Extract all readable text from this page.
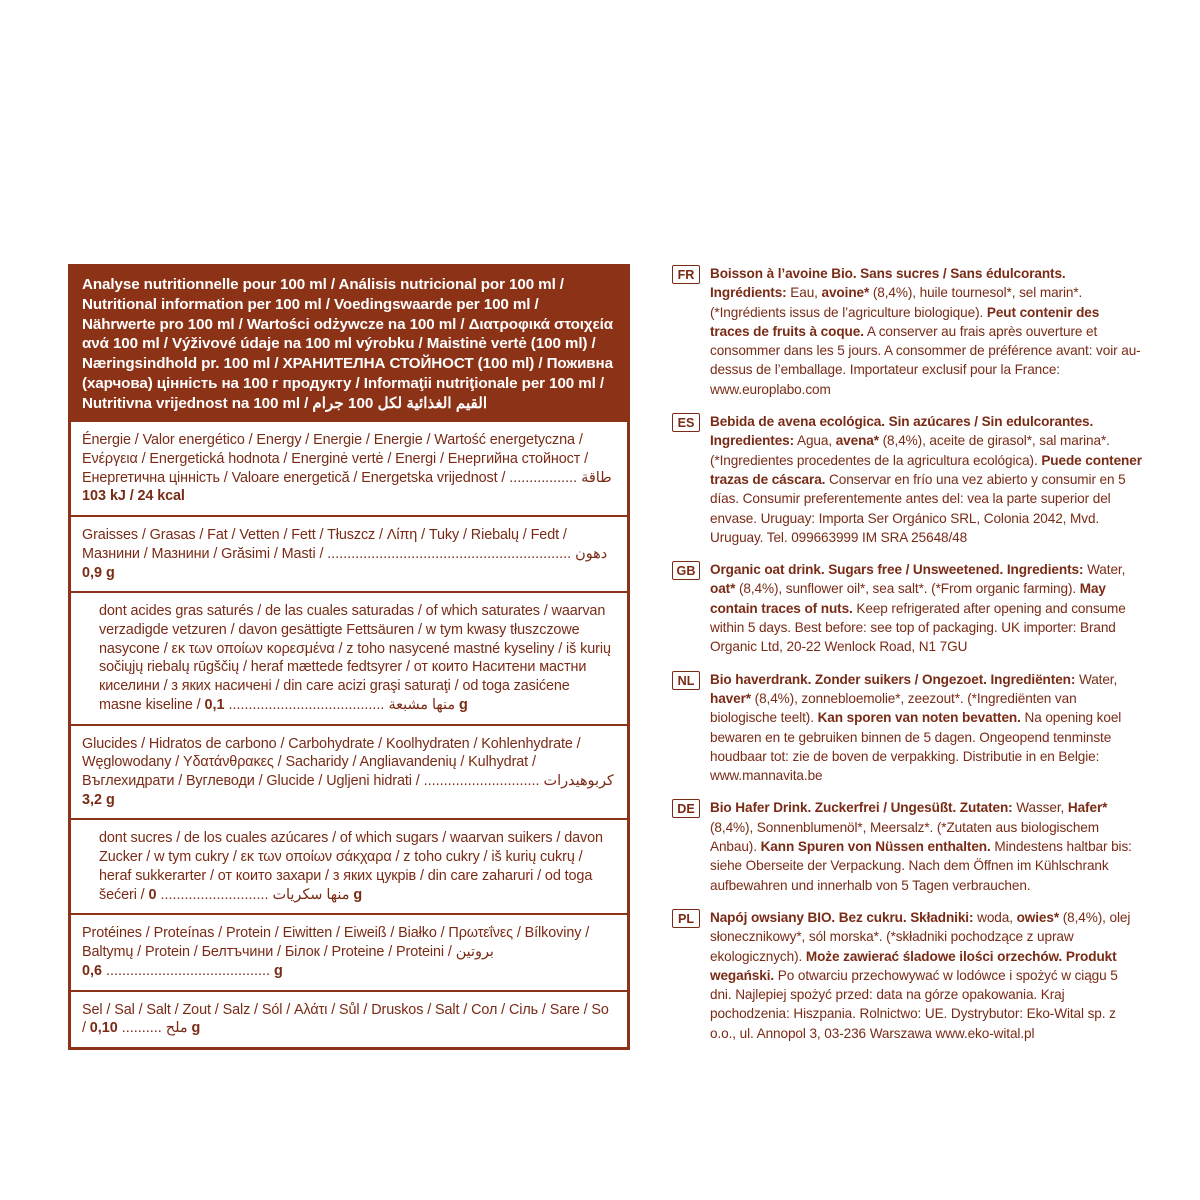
Analyse nutritionnelle pour 100 ml / Análisis nutricional por 100 ml / Nutritional information per 100 ml / Voedingswaarde per 100 ml / Nährwerte pro 100 ml / Wartości odżywcze na 100 ml / Διατροφικά στοιχεία ανά 100 ml / Výživové údaje na 100 ml výrobku / Maistinė vertė (100 ml) / Næringsindhold pr. 100 ml / ХРАНИТЕЛНА СТОЙНОСТ (100 ml) / Поживна (харчова) цінність на 100 г продукту / Informaţii nutriţionale per 100 ml / Nutritivna vrijednost na 100 ml / القيم الغذائية لكل 100 جرام
Énergie / Valor energético / Energy / Energie / Energie / Wartość energetyczna / Ενέργεια / Energetická hodnota / Energinė vertė / Energi / Енергийна стойност / Енергетична цінність / Valoare energetică / Energetska vrijednost / طاقة ................. 103 kJ / 24 kcal
Graisses / Grasas / Fat / Vetten / Fett / Tłuszcz / Λίπη / Tuky / Riebalų / Fedt / Мазнини / Мазнини / Grăsimi / Masti / دهون ............................................................. 0,9 g
dont acides gras saturés / de las cuales saturadas / of which saturates / waarvan verzadigde vetzuren / davon gesättigte Fettsäuren / w tym kwasy tłuszczowe nasycone / εκ των οποίων κορεσμένα / z toho nasycené mastné kyseliny / iš kurių sočiųjų riebalų rūgščių / heraf mættede fedtsyrer / от които Наситени мастни киселини / з яких насичені / din care acizi graşi saturaţi / od toga zasićene masne kiseline / منها مشبعة ....................................... 0,1 g
Glucides / Hidratos de carbono / Carbohydrate / Koolhydraten / Kohlenhydrate / Węglowodany / Υδατάνθρακες / Sacharidy / Angliavandenių / Kulhydrat / Въглехидрати / Вуглеводи / Glucide / Ugljeni hidrati / كربوهيدرات ............................. 3,2 g
dont sucres / de los cuales azúcares / of which sugars / waarvan suikers / davon Zucker / w tym cukry / εκ των οποίων σάκχαρα / z toho cukry / iš kurių cukrų / heraf sukkerarter / от които захари / з яких цукрів / din care zaharuri / od toga šećeri / منها سكريات ........................... 0 g
Protéines / Proteínas / Protein / Eiwitten / Eiweiß / Białko / Πρωτεΐνες / Bílkoviny / Baltymų / Protein / Белтъчини / Білок / Proteine / Proteini / بروتين ......................................... 0,6 g
Sel / Sal / Salt / Zout / Salz / Sól / Αλάτι / Sůl / Druskos / Salt / Сол / Сіль / Sare / So / ملح .......... 0,10 g
FR	Boisson à l’avoine Bio. Sans sucres / Sans édulcorants. Ingrédients: Eau, avoine* (8,4%), huile tournesol*, sel marin*. (*Ingrédients issus de l’agriculture biologique). Peut contenir des traces de fruits à coque. A conserver au frais après ouverture et consommer dans les 5 jours. A consommer de préférence avant: voir au-dessus de l’emballage. Importateur exclusif pour la France: www.europlabo.com
ES	Bebida de avena ecológica. Sin azúcares / Sin edulcorantes. Ingredientes: Agua, avena* (8,4%), aceite de girasol*, sal marina*. (*Ingredientes procedentes de la agricultura ecológica). Puede contener trazas de cáscara. Conservar en frío una vez abierto y consumir en 5 días. Consumir preferentemente antes del: vea la parte superior del envase. Uruguay: Importa Ser Orgánico SRL, Colonia 2042, Mvd. Uruguay. Tel. 099663999 IM SRA 25648/48
GB	Organic oat drink. Sugars free / Unsweetened. Ingredients: Water, oat* (8,4%), sunflower oil*, sea salt*. (*From organic farming). May contain traces of nuts. Keep refrigerated after opening and consume within 5 days. Best before: see top of packaging. UK importer: Brand Organic Ltd, 20-22 Wenlock Road, N1 7GU
NL	Bio haverdrank. Zonder suikers / Ongezoet. Ingrediënten: Water, haver* (8,4%), zonnebloemolie*, zeezout*. (*Ingrediënten van biologische teelt). Kan sporen van noten bevatten. Na opening koel bewaren en te gebruiken binnen de 5 dagen. Ongeopend tenminste houdbaar tot: zie de boven de verpakking. Distributie in en Belgie: www.mannavita.be
DE	Bio Hafer Drink. Zuckerfrei / Ungesüßt. Zutaten: Wasser, Hafer* (8,4%), Sonnenblumenöl*, Meersalz*. (*Zutaten aus biologischem Anbau). Kann Spuren von Nüssen enthalten. Mindestens haltbar bis: siehe Oberseite der Verpackung. Nach dem Öffnen im Kühlschrank aufbewahren und innerhalb von 5 Tagen verbrauchen.
PL	Napój owsiany BIO. Bez cukru. Składniki: woda, owies* (8,4%), olej słonecznikowy*, sól morska*. (*składniki pochodzące z upraw ekologicznych). Może zawierać śladowe ilości orzechów. Produkt wegański. Po otwarciu przechowywać w lodówce i spożyć w ciągu 5 dni. Najlepiej spożyć przed: data na górze opakowania. Kraj pochodzenia: Hiszpania. Rolnictwo: UE. Dystrybutor: Eko-Wital sp. z o.o., ul. Annopol 3, 03-236 Warszawa www.eko-wital.pl
